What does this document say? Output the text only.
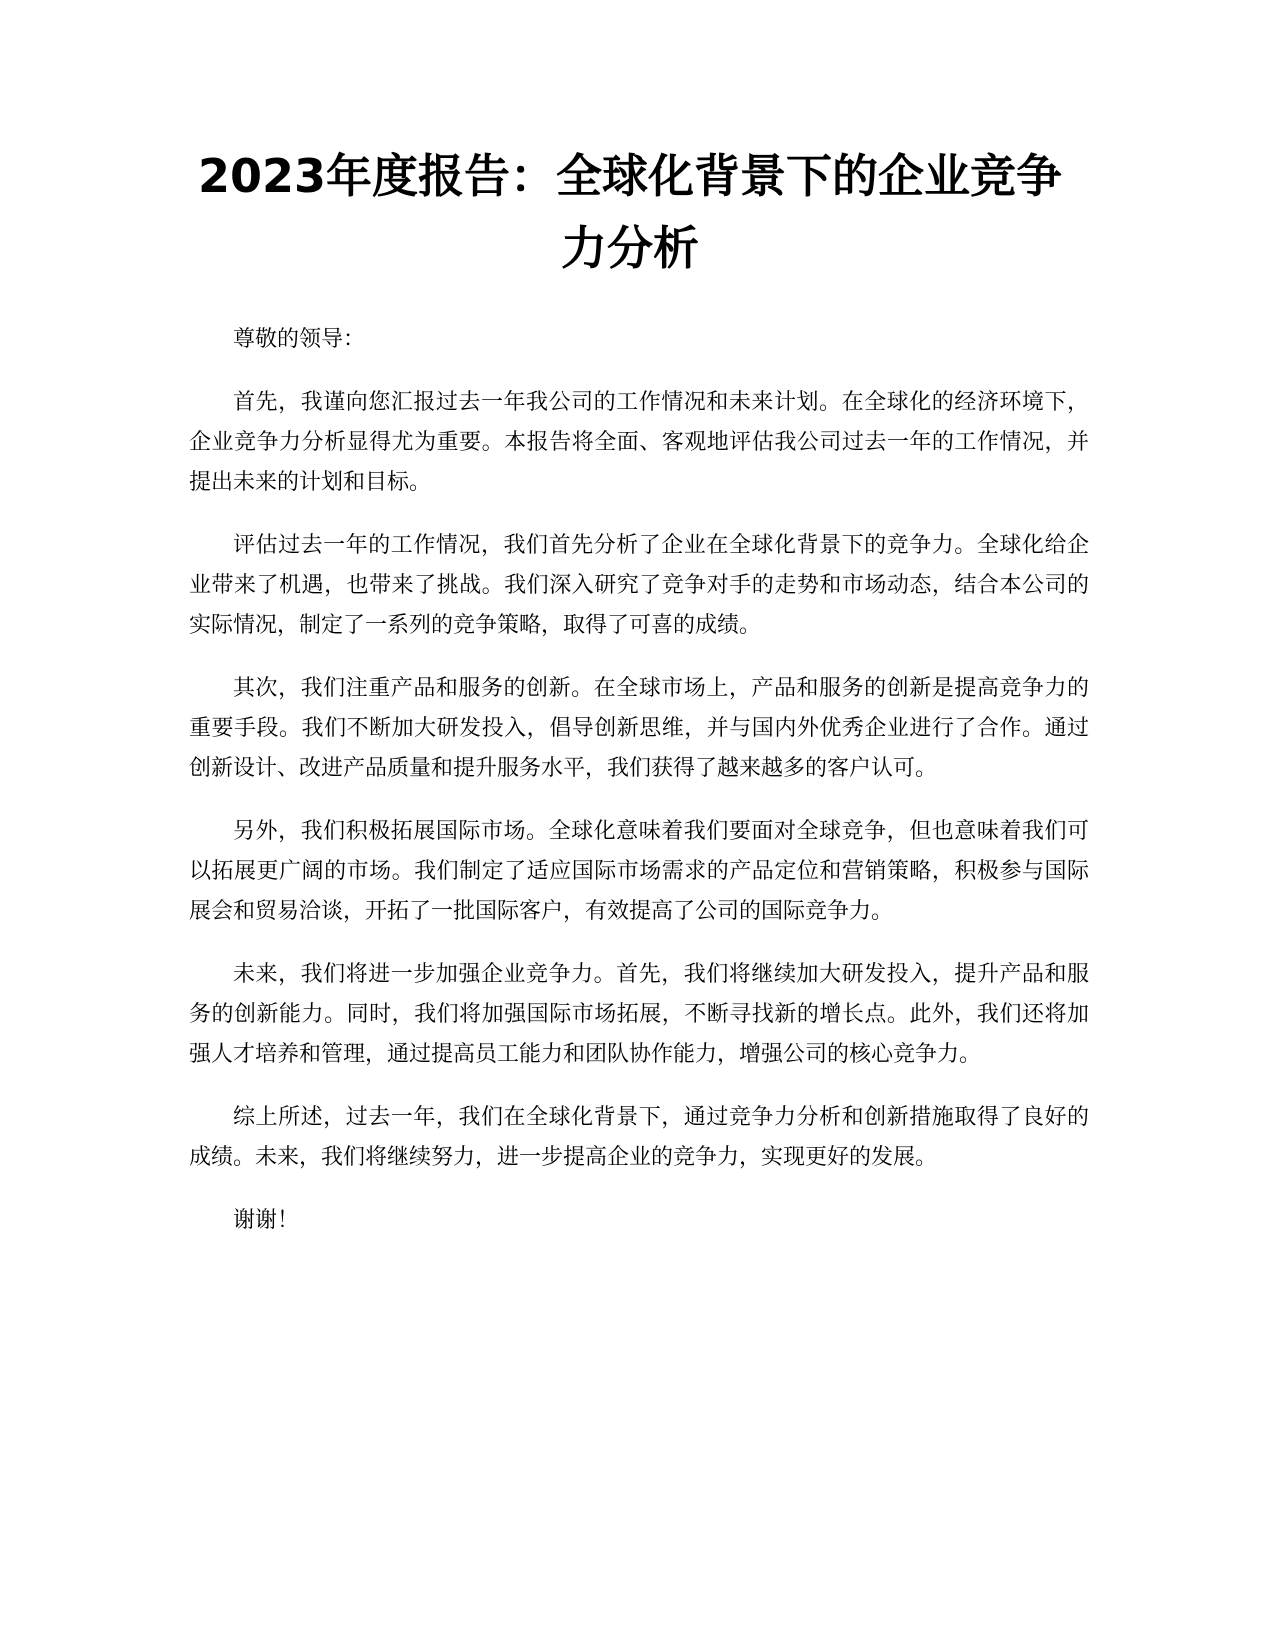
2023年度报告：全球化背景下的企业竞争力分析

尊敬的领导：

首先，我谨向您汇报过去一年我公司的工作情况和未来计划。在全球化的经济环境下，企业竞争力分析显得尤为重要。本报告将全面、客观地评估我公司过去一年的工作情况，并提出未来的计划和目标。

评估过去一年的工作情况，我们首先分析了企业在全球化背景下的竞争力。全球化给企业带来了机遇，也带来了挑战。我们深入研究了竞争对手的走势和市场动态，结合本公司的实际情况，制定了一系列的竞争策略，取得了可喜的成绩。

其次，我们注重产品和服务的创新。在全球市场上，产品和服务的创新是提高竞争力的重要手段。我们不断加大研发投入，倡导创新思维，并与国内外优秀企业进行了合作。通过创新设计、改进产品质量和提升服务水平，我们获得了越来越多的客户认可。

另外，我们积极拓展国际市场。全球化意味着我们要面对全球竞争，但也意味着我们可以拓展更广阔的市场。我们制定了适应国际市场需求的产品定位和营销策略，积极参与国际展会和贸易洽谈，开拓了一批国际客户，有效提高了公司的国际竞争力。

未来，我们将进一步加强企业竞争力。首先，我们将继续加大研发投入，提升产品和服务的创新能力。同时，我们将加强国际市场拓展，不断寻找新的增长点。此外，我们还将加强人才培养和管理，通过提高员工能力和团队协作能力，增强公司的核心竞争力。

综上所述，过去一年，我们在全球化背景下，通过竞争力分析和创新措施取得了良好的成绩。未来，我们将继续努力，进一步提高企业的竞争力，实现更好的发展。

谢谢！
